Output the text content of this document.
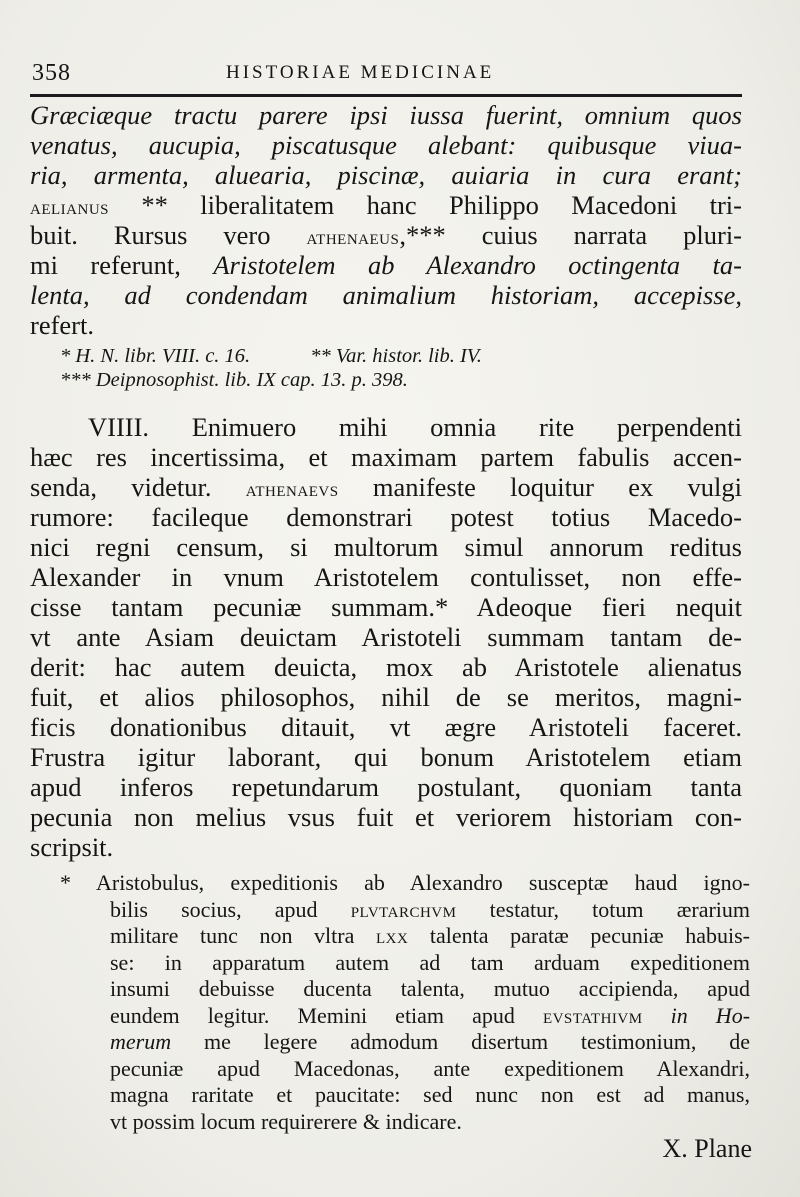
358	HISTORIAE MEDICINAE
Græciæque tractu parere ipsi iussa fuerint, omnium quos
venatus, aucupia, piscatusque alebant: quibusque viua-
ria, armenta, aluearia, piscinæ, auiaria in cura erant;
aelianus ** liberalitatem hanc Philippo Macedoni tri-
buit. Rursus vero athenaeus,*** cuius narrata pluri-
mi referunt, Aristotelem ab Alexandro octingenta ta-
lenta, ad condendam animalium historiam, accepisse,
refert.
* H. N. libr. VIII. c. 16.	** Var. histor. lib. IV.
*** Deipnosophist. lib. IX cap. 13. p. 398.
VIIII. Enimuero mihi omnia rite perpendenti
hæc res incertissima, et maximam partem fabulis accen-
senda, videtur. athenaevs manifeste loquitur ex vulgi
rumore: facileque demonstrari potest totius Macedo-
nici regni censum, si multorum simul annorum reditus
Alexander in vnum Aristotelem contulisset, non effe-
cisse tantam pecuniæ summam.* Adeoque fieri nequit
vt ante Asiam deuictam Aristoteli summam tantam de-
derit: hac autem deuicta, mox ab Aristotele alienatus
fuit, et alios philosophos, nihil de se meritos, magni-
ficis donationibus ditauit, vt ægre Aristoteli faceret.
Frustra igitur laborant, qui bonum Aristotelem etiam
apud inferos repetundarum postulant, quoniam tanta
pecunia non melius vsus fuit et veriorem historiam con-
scripsit.
* Aristobulus, expeditionis ab Alexandro susceptæ haud igno-
bilis socius, apud plvtarchvm testatur, totum ærarium
militare tunc non vltra lxx talenta paratæ pecuniæ habuis-
se: in apparatum autem ad tam arduam expeditionem
insumi debuisse ducenta talenta, mutuo accipienda, apud
eundem legitur. Memini etiam apud evstathivm in Ho-
merum me legere admodum disertum testimonium, de
pecuniæ apud Macedonas, ante expeditionem Alexandri,
magna raritate et paucitate: sed nunc non est ad manus,
vt possim locum requirerere & indicare.
X. Plane
